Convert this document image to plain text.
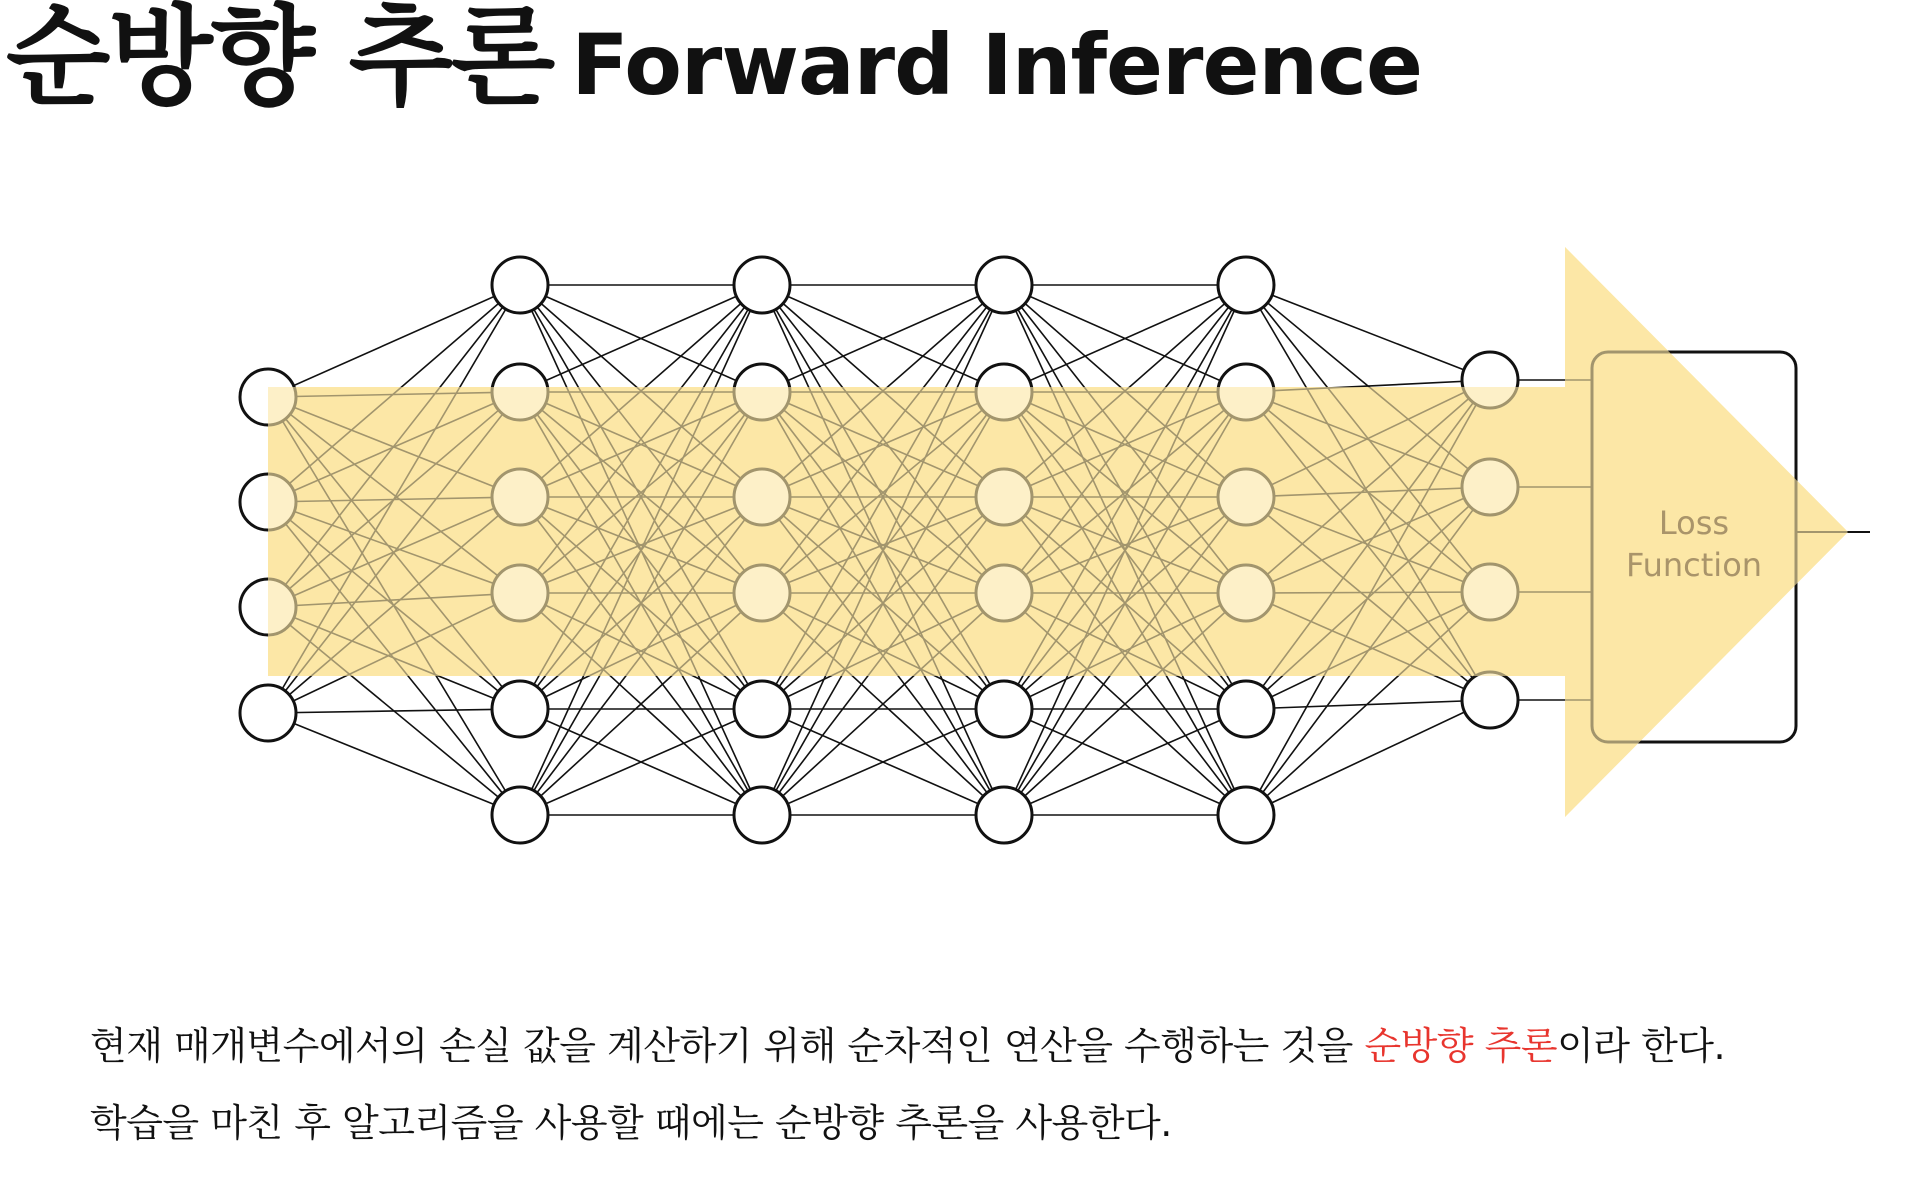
순방향 추론 Forward Inference
Loss
Function
현재 매개변수에서의 손실 값을 계산하기 위해 순차적인 연산을 수행하는 것을 순방향 추론이라 한다.
학습을 마친 후 알고리즘을 사용할 때에는 순방향 추론을 사용한다.
